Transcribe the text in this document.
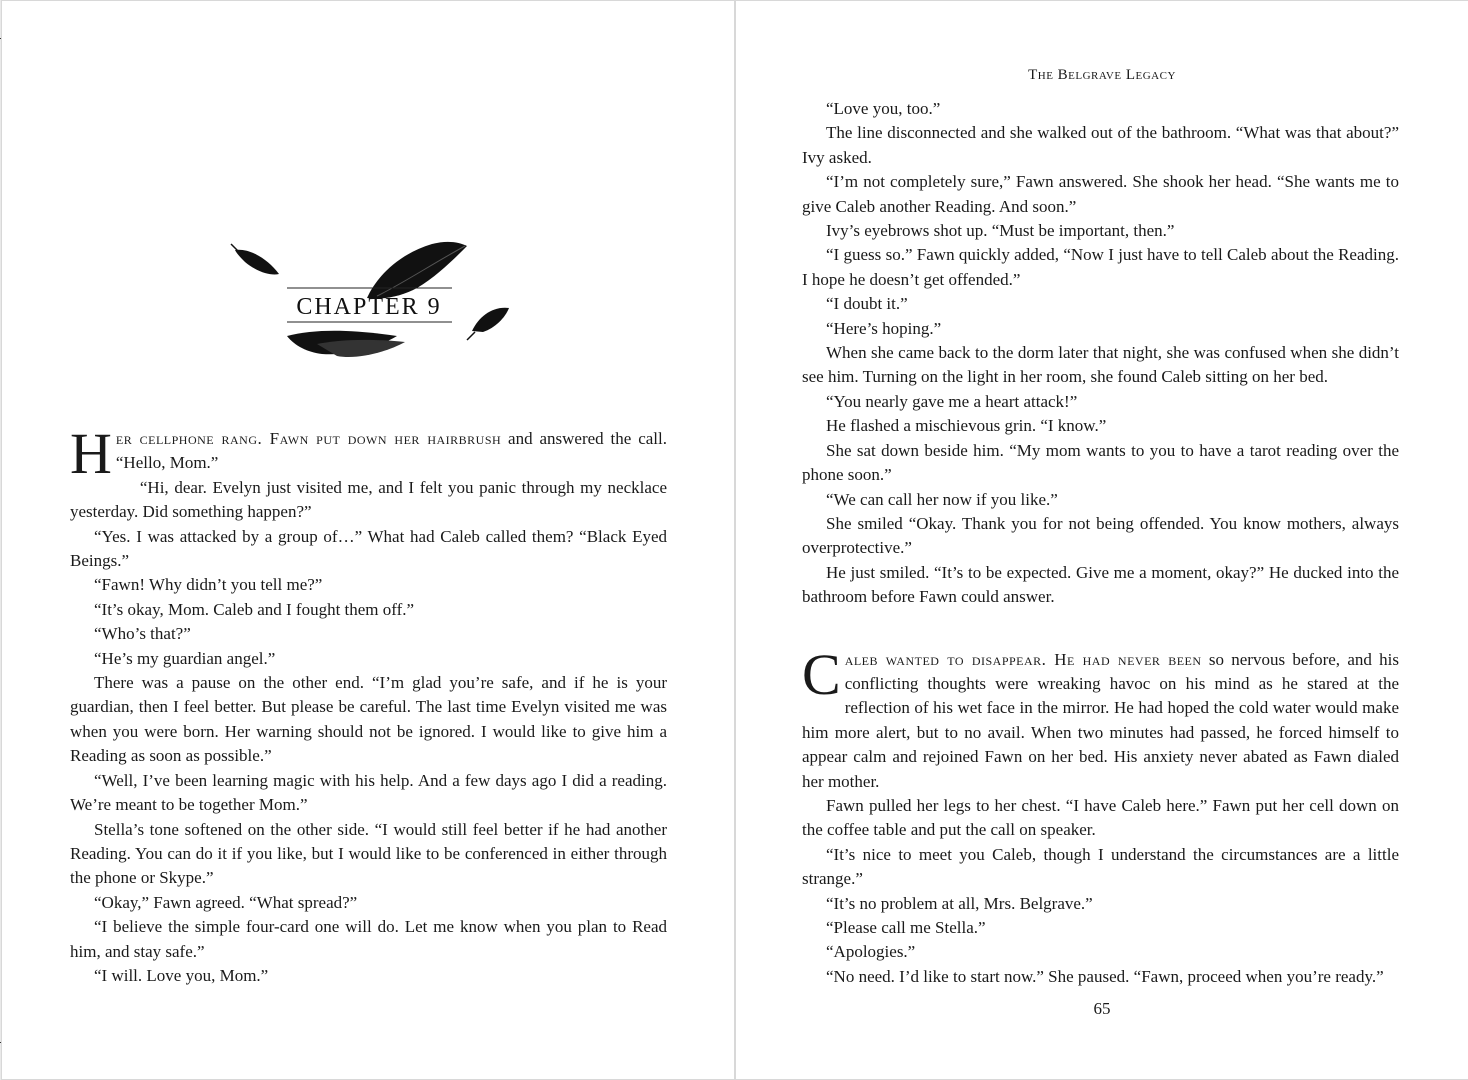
CHAPTER 9

Her cellphone rang. Fawn put down her hairbrush and answered the call. “Hello, Mom.”

“Hi, dear. Evelyn just visited me, and I felt you panic through my necklace yesterday. Did something happen?”

“Yes. I was attacked by a group of…” What had Caleb called them? “Black Eyed Beings.”

“Fawn! Why didn’t you tell me?”

“It’s okay, Mom. Caleb and I fought them off.”

“Who’s that?”

“He’s my guardian angel.”

There was a pause on the other end. “I’m glad you’re safe, and if he is your guardian, then I feel better. But please be careful. The last time Evelyn visited me was when you were born. Her warning should not be ignored. I would like to give him a Reading as soon as possible.”

“Well, I’ve been learning magic with his help. And a few days ago I did a reading. We’re meant to be together Mom.”

Stella’s tone softened on the other side. “I would still feel better if he had another Reading. You can do it if you like, but I would like to be conferenced in either through the phone or Skype.”

“Okay,” Fawn agreed. “What spread?”

“I believe the simple four-card one will do. Let me know when you plan to Read him, and stay safe.”

“I will. Love you, Mom.”

The Belgrave Legacy

“Love you, too.”

The line disconnected and she walked out of the bathroom. “What was that about?” Ivy asked.

“I’m not completely sure,” Fawn answered. She shook her head. “She wants me to give Caleb another Reading. And soon.”

Ivy’s eyebrows shot up. “Must be important, then.”

“I guess so.” Fawn quickly added, “Now I just have to tell Caleb about the Reading. I hope he doesn’t get offended.”

“I doubt it.”

“Here’s hoping.”

When she came back to the dorm later that night, she was confused when she didn’t see him. Turning on the light in her room, she found Caleb sitting on her bed.

“You nearly gave me a heart attack!”

He flashed a mischievous grin. “I know.”

She sat down beside him. “My mom wants to you to have a tarot reading over the phone soon.”

“We can call her now if you like.”

She smiled “Okay. Thank you for not being offended. You know mothers, always overprotective.”

He just smiled. “It’s to be expected. Give me a moment, okay?” He ducked into the bathroom before Fawn could answer.

Caleb wanted to disappear. He had never been so nervous before, and his conflicting thoughts were wreaking havoc on his mind as he stared at the reflection of his wet face in the mirror. He had hoped the cold water would make him more alert, but to no avail. When two minutes had passed, he forced himself to appear calm and rejoined Fawn on her bed. His anxiety never abated as Fawn dialed her mother.

Fawn pulled her legs to her chest. “I have Caleb here.” Fawn put her cell down on the coffee table and put the call on speaker.

“It’s nice to meet you Caleb, though I understand the circumstances are a little strange.”

“It’s no problem at all, Mrs. Belgrave.”

“Please call me Stella.”

“Apologies.”

“No need. I’d like to start now.” She paused. “Fawn, proceed when you’re ready.”

65
